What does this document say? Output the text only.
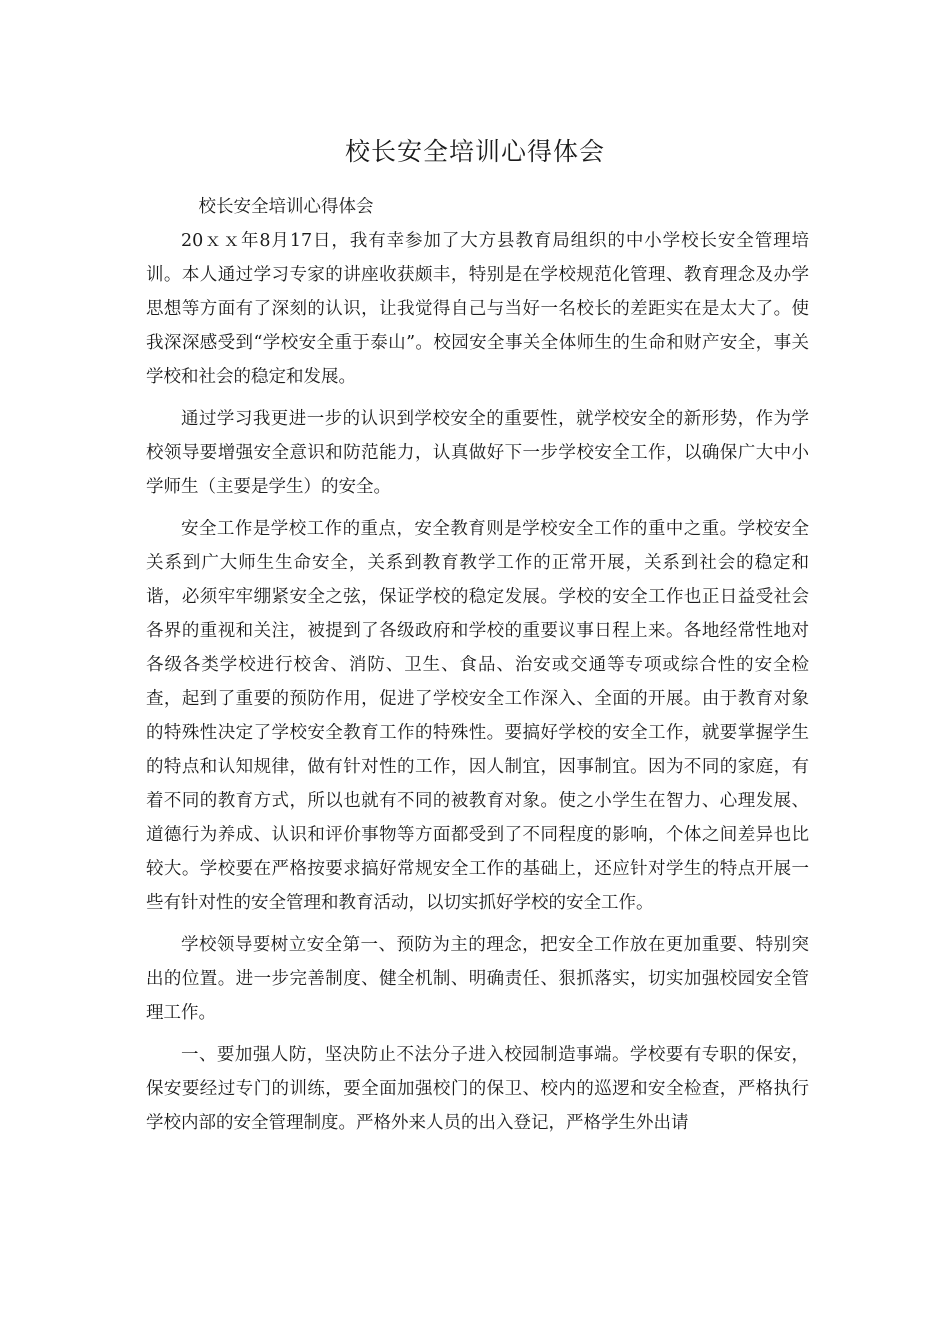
校长安全培训心得体会

校长安全培训心得体会

20ｘｘ年8月17日，我有幸参加了大方县教育局组织的中小学校长安全管理培训。本人通过学习专家的讲座收获颇丰，特别是在学校规范化管理、教育理念及办学思想等方面有了深刻的认识，让我觉得自己与当好一名校长的差距实在是太大了。使我深深感受到“学校安全重于泰山”。校园安全事关全体师生的生命和财产安全，事关学校和社会的稳定和发展。

通过学习我更进一步的认识到学校安全的重要性，就学校安全的新形势，作为学校领导要增强安全意识和防范能力，认真做好下一步学校安全工作，以确保广大中小学师生（主要是学生）的安全。

安全工作是学校工作的重点，安全教育则是学校安全工作的重中之重。学校安全关系到广大师生生命安全，关系到教育教学工作的正常开展，关系到社会的稳定和谐，必须牢牢绷紧安全之弦，保证学校的稳定发展。学校的安全工作也正日益受社会各界的重视和关注，被提到了各级政府和学校的重要议事日程上来。各地经常性地对各级各类学校进行校舍、消防、卫生、食品、治安或交通等专项或综合性的安全检查，起到了重要的预防作用，促进了学校安全工作深入、全面的开展。由于教育对象的特殊性决定了学校安全教育工作的特殊性。要搞好学校的安全工作，就要掌握学生的特点和认知规律，做有针对性的工作，因人制宜，因事制宜。因为不同的家庭，有着不同的教育方式，所以也就有不同的被教育对象。使之小学生在智力、心理发展、道德行为养成、认识和评价事物等方面都受到了不同程度的影响，个体之间差异也比较大。学校要在严格按要求搞好常规安全工作的基础上，还应针对学生的特点开展一些有针对性的安全管理和教育活动，以切实抓好学校的安全工作。

学校领导要树立安全第一、预防为主的理念，把安全工作放在更加重要、特别突出的位置。进一步完善制度、健全机制、明确责任、狠抓落实，切实加强校园安全管理工作。

一、要加强人防，坚决防止不法分子进入校园制造事端。学校要有专职的保安，保安要经过专门的训练，要全面加强校门的保卫、校内的巡逻和安全检查，严格执行学校内部的安全管理制度。严格外来人员的出入登记，严格学生外出请
